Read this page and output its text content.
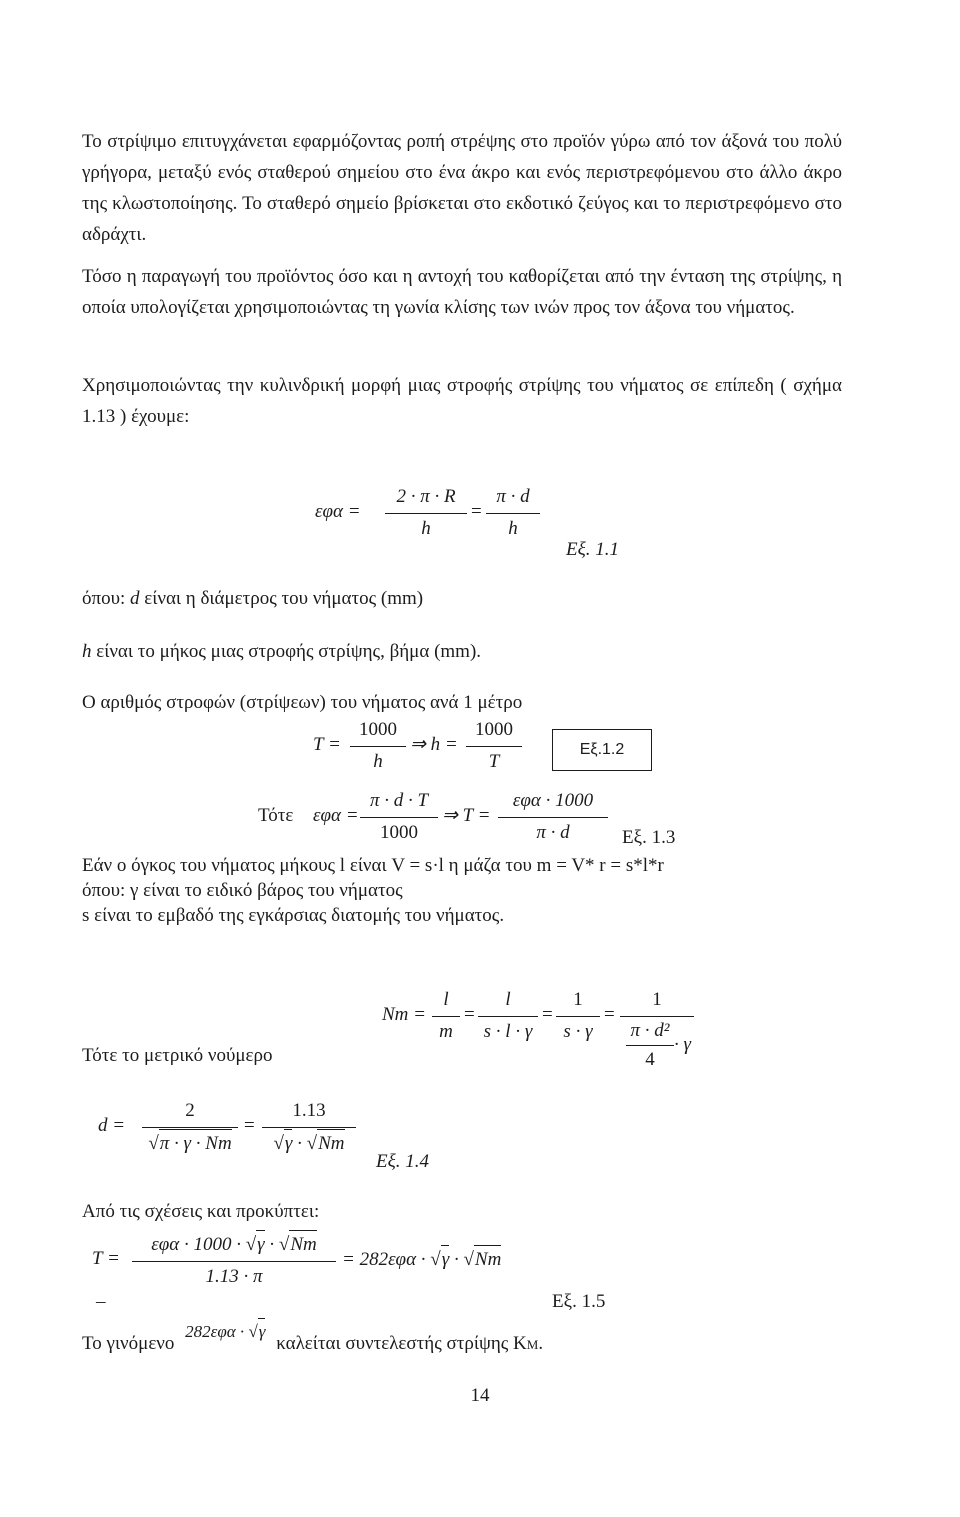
Το στρίψιμο επιτυγχάνεται εφαρμόζοντας ροπή στρέψης στο προϊόν γύρω από τον άξονά του πολύ γρήγορα, μεταξύ ενός σταθερού σημείου στο ένα άκρο και ενός περιστρεφόμενου στο άλλο άκρο της κλωστοποίησης. Το σταθερό σημείο βρίσκεται στο εκδοτικό ζεύγος και το περιστρεφόμενο στο αδράχτι.
Τόσο η παραγωγή του προϊόντος όσο και η αντοχή του καθορίζεται από την ένταση της στρίψης, η οποία υπολογίζεται χρησιμοποιώντας τη γωνία κλίσης των ινών προς τον άξονα του νήματος.
Χρησιμοποιώντας την κυλινδρική μορφή μιας στροφής στρίψης του νήματος σε επίπεδη ( σχήμα 1.13 ) έχουμε:
$\varepsilon\varphi\alpha = \frac{2 \cdot \pi \cdot R}{h} = \frac{\pi \cdot d}{h}$
Εξ. 1.1
όπου: d είναι η διάμετρος του νήματος (mm)
h είναι το μήκος μιας στροφής στρίψης, βήμα (mm).
Ο αριθμός στροφών (στρίψεων) του νήματος ανά 1 μέτρο
$T = \frac{1000}{h}$ ⇒ $h = \frac{1000}{T}$	Εξ.1.2
Τότε $\varepsilon\varphi\alpha = \frac{\pi \cdot d \cdot T}{1000}$ ⇒ T =
εφα · 1000
π · d	Εξ. 1.3
Εάν ο όγκος του νήματος μήκους l είναι V = s·l η μάζα του m = V* r = s*l*r
όπου: γ είναι το ειδικό βάρος του νήματος
s είναι το εμβαδό της εγκάρσιας διατομής του νήματος.
$Nm = \frac{l}{m} = \frac{l}{s \cdot l \cdot \gamma} = \frac{1}{s \cdot \gamma} = \frac{1}{\frac{\text{π · d²}}{4} \cdot \gamma}$
Τότε το μετρικό νούμερο
$d = \frac{2}{√\pi \cdot \gamma \cdot Nm} = \frac{1.13}{√\gamma \cdot √Nm}$
Εξ. 1.4
Από τις σχέσεις και προκύπτει:
T =
εφα · 1000 · √γ · √Nm
1.13 · π
= 282εφα · √γ · √Nm
–	Εξ. 1.5
Το γινόμενο 282εφα · √γ καλείται συντελεστής στρίψης ΚΜ.
14
